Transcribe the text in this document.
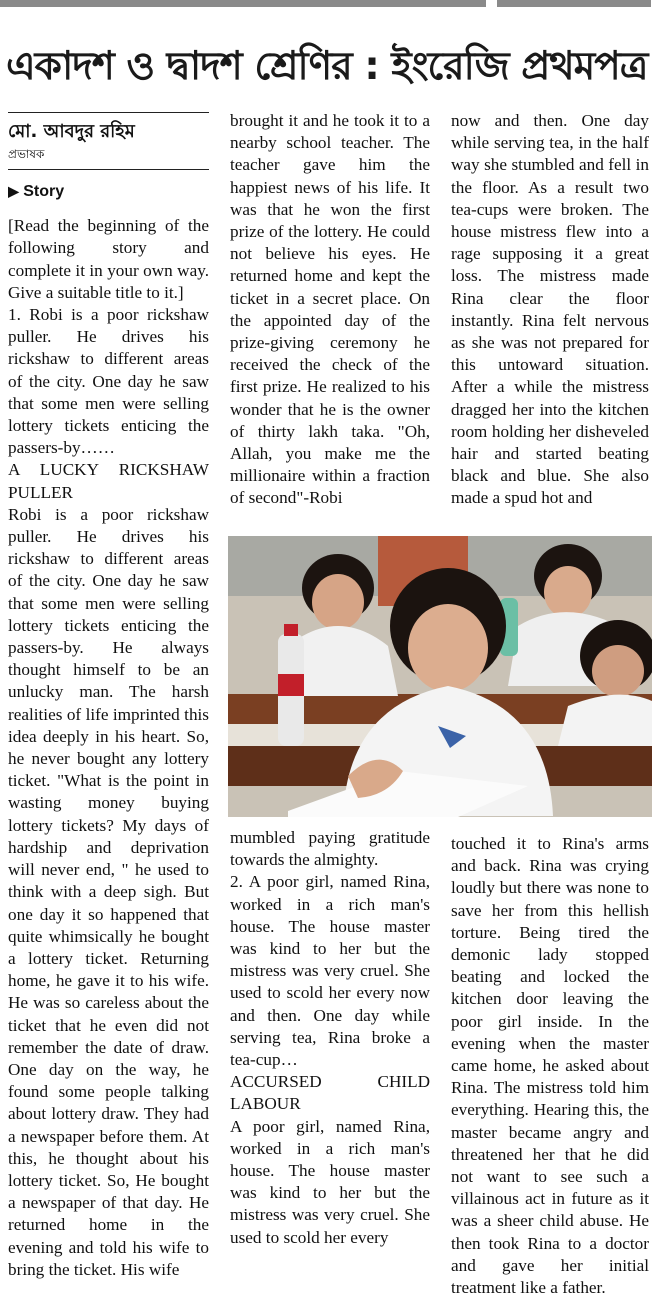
একাদশ ও দ্বাদশ শ্রেণির : ইংরেজি প্রথমপত্র
মো. আবদুর রহিম
প্রভাষক
▶ Story

[Read the beginning of the following story and complete it in your own way. Give a suitable title to it.]

1. Robi is a poor rickshaw puller. He drives his rickshaw to different areas of the city. One day he saw that some men were selling lottery tickets enticing the passers-by……

A LUCKY RICKSHAW

PULLER

Robi is a poor rickshaw puller. He drives his rickshaw to different areas of the city. One day he saw that some men were selling lottery tickets enticing the passers-by. He always thought himself to be an unlucky man. The harsh realities of life imprinted this idea deeply in his heart. So, he never bought any lottery ticket. "What is the point in wasting money buying lottery tickets? My days of hardship and deprivation will never end, " he used to think with a deep sigh. But one day it so happened that quite whimsically he bought a lottery ticket. Returning home, he gave it to his wife. He was so careless about the ticket that he even did not remember the date of draw. One day on the way, he found some people talking about lottery draw. They had a newspaper before them. At this, he thought about his lottery ticket. So, He bought a newspaper of that day. He returned home in the evening and told his wife to bring the ticket. His wife

brought it and he took it to a nearby school teacher. The teacher gave him the happiest news of his life. It was that he won the first prize of the lottery. He could not believe his eyes. He returned home and kept the ticket in a secret place. On the appointed day of the prize-giving ceremony he received the check of the first prize. He realized to his wonder that he is the owner of thirty lakh taka. "Oh, Allah, you make me the millionaire within a fraction of second"-Robi

now and then. One day while serving tea, in the half way she stumbled and fell in the floor. As a result two tea-cups were broken. The house mistress flew into a rage supposing it a great loss. The mistress made Rina clear the floor instantly. Rina felt nervous as she was not prepared for this untoward situation. After a while the mistress dragged her into the kitchen room holding her disheveled hair and started beating black and blue. She also made a spud hot and

mumbled paying gratitude towards the almighty.

2. A poor girl, named Rina, worked in a rich man's house. The house master was kind to her but the mistress was very cruel. She used to scold her every now and then. One day while serving tea, Rina broke a tea-cup…

ACCURSED CHILD

LABOUR

A poor girl, named Rina, worked in a rich man's house. The house master was kind to her but the mistress was very cruel. She used to scold her every

touched it to Rina's arms and back. Rina was crying loudly but there was none to save her from this hellish torture. Being tired the demonic lady stopped beating and locked the kitchen door leaving the poor girl inside. In the evening when the master came home, he asked about Rina. The mistress told him everything. Hearing this, the master became angry and threatened her that he did not want to see such a villainous act in future as it was a sheer child abuse. He then took Rina to a doctor and gave her initial treatment like a father.
